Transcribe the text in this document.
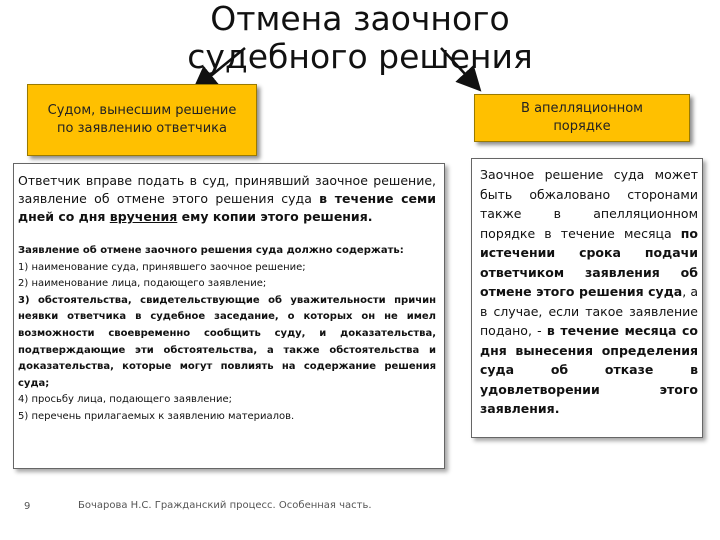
Отмена заочного судебного решения
Судом, вынесшим решение
по заявлению ответчика
В апелляционном
порядке
Ответчик вправе подать в суд, принявший заочное решение, заявление об отмене этого решения суда в течение семи дней со дня вручения ему копии этого решения.
Заявление об отмене заочного решения суда должно содержать:
1) наименование суда, принявшего заочное решение;
2) наименование лица, подающего заявление;
3) обстоятельства, свидетельствующие об уважительности причин неявки ответчика в судебное заседание, о которых он не имел возможности своевременно сообщить суду, и доказательства, подтверждающие эти обстоятельства, а также обстоятельства и доказательства, которые могут повлиять на содержание решения суда;
4) просьбу лица, подающего заявление;
5) перечень прилагаемых к заявлению материалов.
Заочное решение суда может быть обжаловано сторонами также в апелляционном порядке в течение месяца по истечении срока подачи ответчиком заявления об отмене этого решения суда, а в случае, если такое заявление подано, - в течение месяца со дня вынесения определения суда об отказе в удовлетворении этого заявления.
9	Бочарова Н.С. Гражданский процесс. Особенная часть.
